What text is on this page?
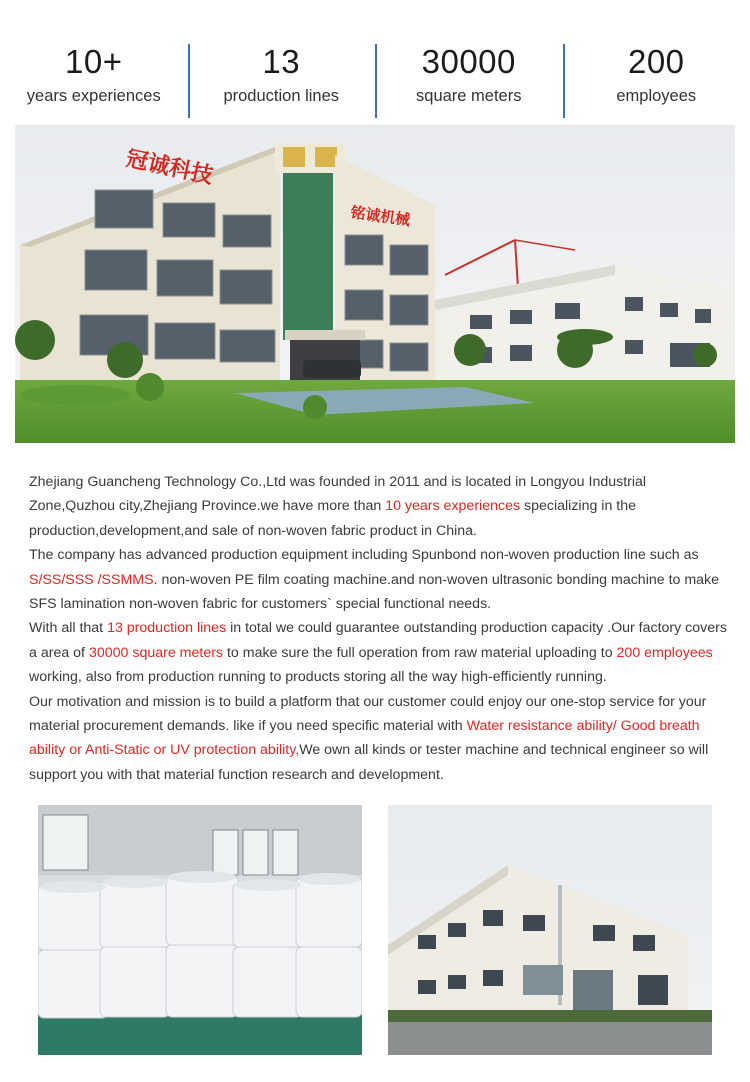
10+
years experiences
13
production lines
30000
square meters
200
employees
冠诚科技
铭诚机械

Zhejiang Guancheng Technology Co.,Ltd was founded in 2011 and is located in Longyou Industrial Zone,Quzhou city,Zhejiang Province.we have more than 10 years experiences specializing in the production,development,and sale of non-woven fabric product in China.

The company has advanced production equipment including Spunbond non-woven production line such as S/SS/SSS /SSMMS. non-woven PE film coating machine.and non-woven ultrasonic bonding machine to make SFS lamination non-woven fabric for customers` special functional needs.

With all that 13 production lines in total we could guarantee outstanding production capacity .Our factory covers a area of 30000 square meters to make sure the full operation from raw material uploading to 200 employees working, also from production running to products storing all the way high-efficiently running.

Our motivation and mission is to build a platform that our customer could enjoy our one-stop service for your material procurement demands. like if you need specific material with Water resistance ability/ Good breath ability or Anti-Static or UV protection ability,We own all kinds or tester machine and technical engineer so will support you with that material function research and development.
